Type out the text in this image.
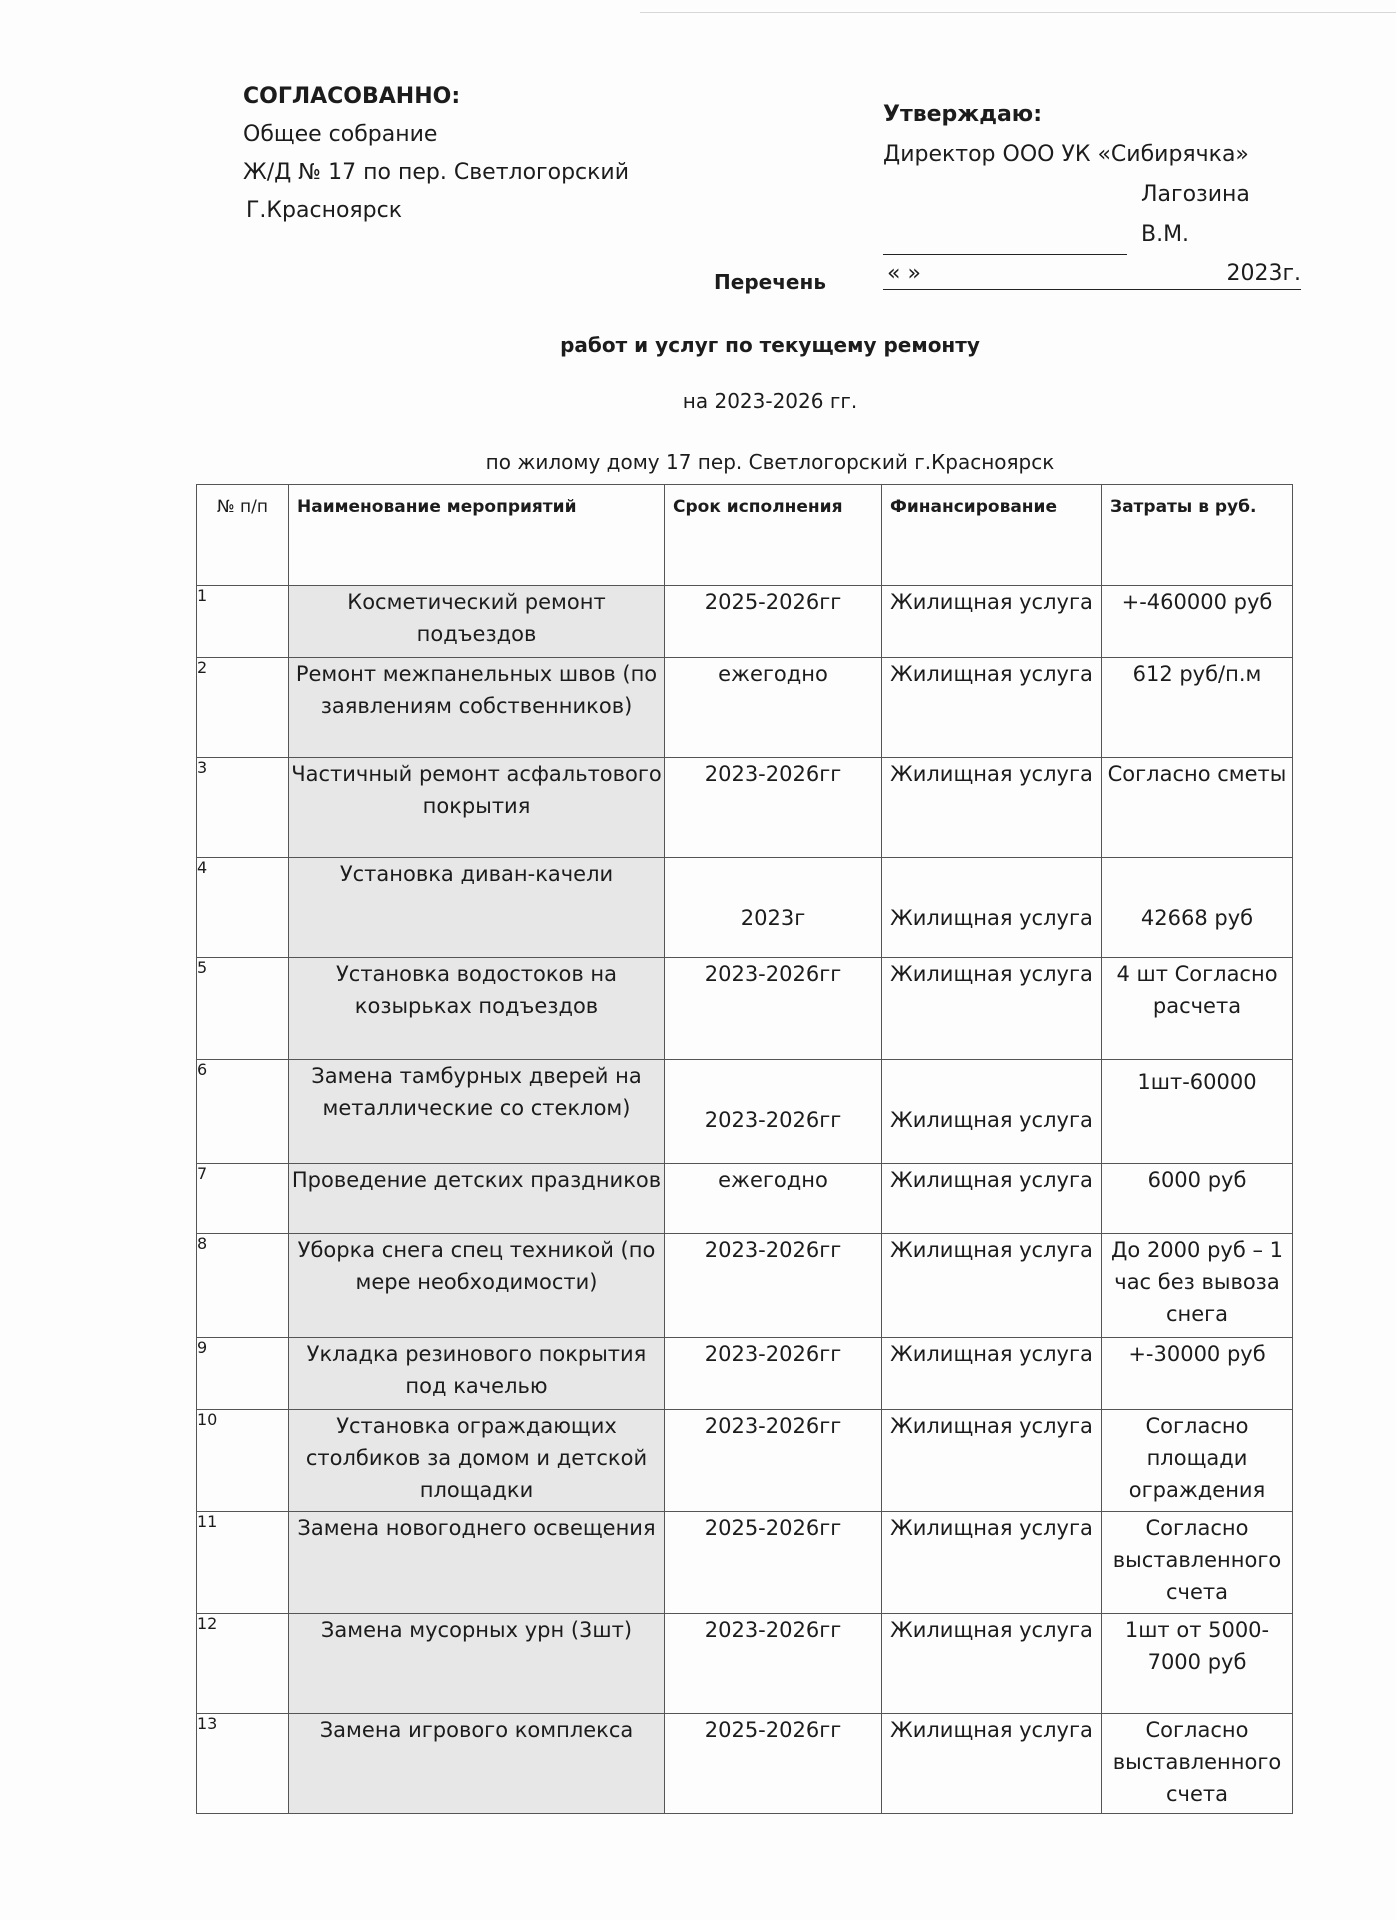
СОГЛАСОВАННО:
Общее собрание
Ж/Д № 17 по пер. Светлогорский
Г.Красноярск
Утверждаю:
Директор ООО УК «Сибирячка»
Лагозина В.М.
« »	2023г.
Перечень
работ и услуг по текущему ремонту
на 2023-2026 гг.
по жилому дому 17 пер. Светлогорский г.Красноярск
№ п/п	Наименование мероприятий	Срок исполнения	Финансирование	Затраты в руб.
1	Косметический ремонт подъездов	2025-2026гг	Жилищная услуга	+-460000 руб
2	Ремонт межпанельных швов (по заявлениям собственников)	ежегодно	Жилищная услуга	612 руб/п.м
3	Частичный ремонт асфальтового покрытия	2023-2026гг	Жилищная услуга	Согласно сметы
4	Установка диван-качели	2023г	Жилищная услуга	42668 руб
5	Установка водостоков на козырьках подъездов	2023-2026гг	Жилищная услуга	4 шт Согласно расчета
6	Замена тамбурных дверей на металлические со стеклом)	2023-2026гг	Жилищная услуга	1шт-60000
7	Проведение детских праздников	ежегодно	Жилищная услуга	6000 руб
8	Уборка снега спец техникой (по мере необходимости)	2023-2026гг	Жилищная услуга	До 2000 руб – 1 час без вывоза снега
9	Укладка резинового покрытия под качелью	2023-2026гг	Жилищная услуга	+-30000 руб
10	Установка ограждающих столбиков за домом и детской площадки	2023-2026гг	Жилищная услуга	Согласно площади ограждения
11	Замена новогоднего освещения	2025-2026гг	Жилищная услуга	Согласно выставленного счета
12	Замена мусорных урн (3шт)	2023-2026гг	Жилищная услуга	1шт от 5000-7000 руб
13	Замена игрового комплекса	2025-2026гг	Жилищная услуга	Согласно выставленного счета
